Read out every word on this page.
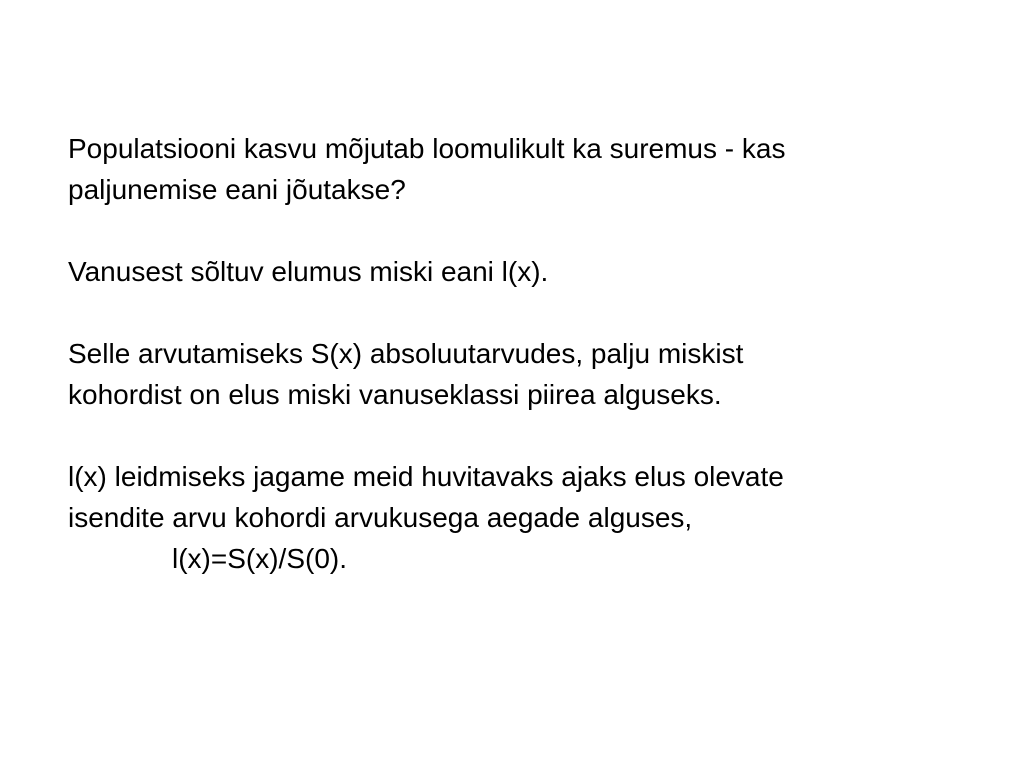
Populatsiooni kasvu mõjutab loomulikult ka suremus - kas
paljunemise eani jõutakse?

Vanusest sõltuv elumus miski eani l(x).

Selle arvutamiseks S(x) absoluutarvudes, palju miskist
kohordist on elus miski vanuseklassi piirea alguseks.

l(x) leidmiseks jagame meid huvitavaks ajaks elus olevate
isendite arvu kohordi arvukusega aegade alguses,
l(x)=S(x)/S(0).
